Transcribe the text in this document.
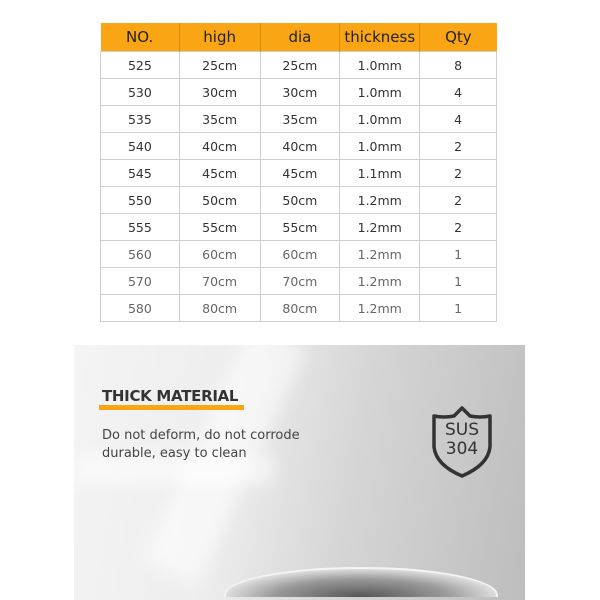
NO.	high	dia	thickness	Qty
525	25cm	25cm	1.0mm	8
530	30cm	30cm	1.0mm	4
535	35cm	35cm	1.0mm	4
540	40cm	40cm	1.0mm	2
545	45cm	45cm	1.1mm	2
550	50cm	50cm	1.2mm	2
555	55cm	55cm	1.2mm	2
560	60cm	60cm	1.2mm	1
570	70cm	70cm	1.2mm	1
580	80cm	80cm	1.2mm	1
THICK MATERIAL
Do not deform, do not corrode
durable, easy to clean
SUS
304
